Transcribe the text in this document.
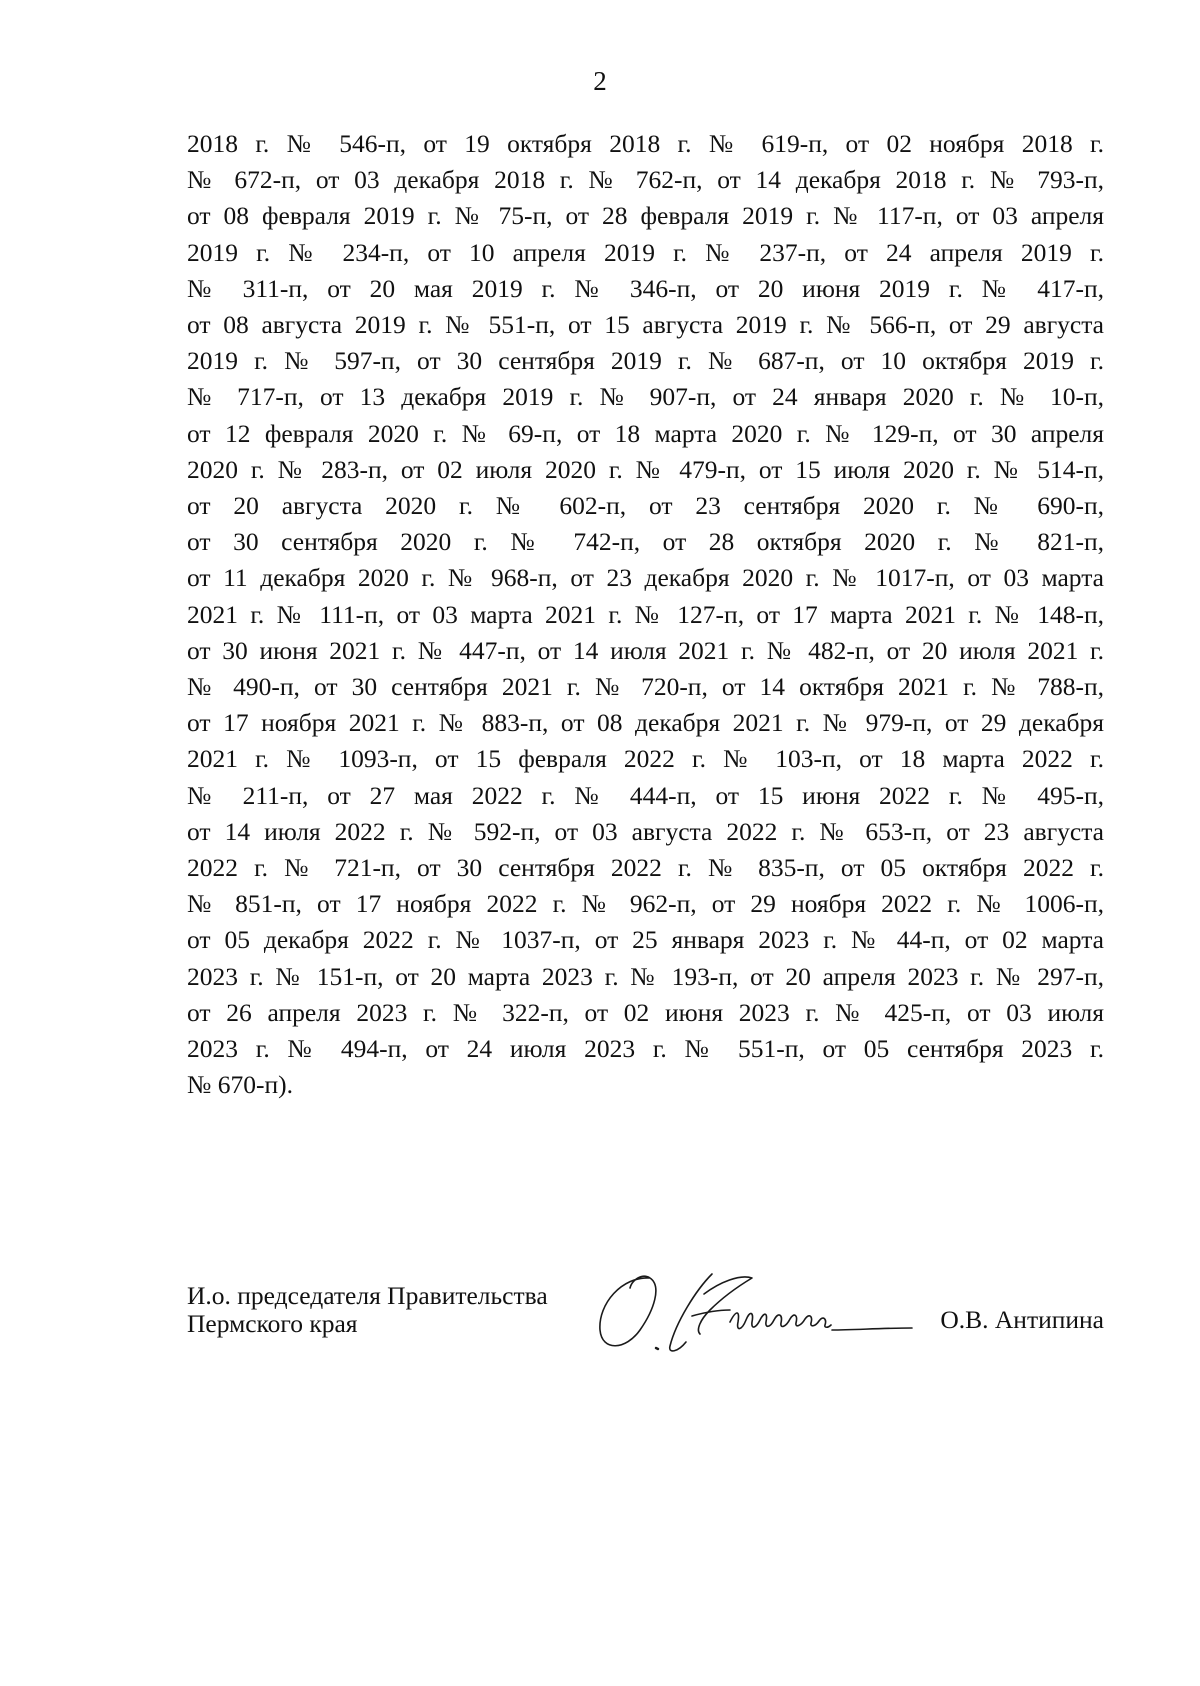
2
2018 г. № 546-п, от 19 октября 2018 г. № 619-п, от 02 ноября 2018 г.
№ 672-п, от 03 декабря 2018 г. № 762-п, от 14 декабря 2018 г. № 793-п,
от 08 февраля 2019 г. № 75-п, от 28 февраля 2019 г. № 117-п, от 03 апреля
2019 г. № 234-п, от 10 апреля 2019 г. № 237-п, от 24 апреля 2019 г.
№ 311-п, от 20 мая 2019 г. № 346-п, от 20 июня 2019 г. № 417-п,
от 08 августа 2019 г. № 551-п, от 15 августа 2019 г. № 566-п, от 29 августа
2019 г. № 597-п, от 30 сентября 2019 г. № 687-п, от 10 октября 2019 г.
№ 717-п, от 13 декабря 2019 г. № 907-п, от 24 января 2020 г. № 10-п,
от 12 февраля 2020 г. № 69-п, от 18 марта 2020 г. № 129-п, от 30 апреля
2020 г. № 283-п, от 02 июля 2020 г. № 479-п, от 15 июля 2020 г. № 514-п,
от 20 августа 2020 г. № 602-п, от 23 сентября 2020 г. № 690-п,
от 30 сентября 2020 г. № 742-п, от 28 октября 2020 г. № 821-п,
от 11 декабря 2020 г. № 968-п, от 23 декабря 2020 г. № 1017-п, от 03 марта
2021 г. № 111-п, от 03 марта 2021 г. № 127-п, от 17 марта 2021 г. № 148-п,
от 30 июня 2021 г. № 447-п, от 14 июля 2021 г. № 482-п, от 20 июля 2021 г.
№ 490-п, от 30 сентября 2021 г. № 720-п, от 14 октября 2021 г. № 788-п,
от 17 ноября 2021 г. № 883-п, от 08 декабря 2021 г. № 979-п, от 29 декабря
2021 г. № 1093-п, от 15 февраля 2022 г. № 103-п, от 18 марта 2022 г.
№ 211-п, от 27 мая 2022 г. № 444-п, от 15 июня 2022 г. № 495-п,
от 14 июля 2022 г. № 592-п, от 03 августа 2022 г. № 653-п, от 23 августа
2022 г. № 721-п, от 30 сентября 2022 г. № 835-п, от 05 октября 2022 г.
№ 851-п, от 17 ноября 2022 г. № 962-п, от 29 ноября 2022 г. № 1006-п,
от 05 декабря 2022 г. № 1037-п, от 25 января 2023 г. № 44-п, от 02 марта
2023 г. № 151-п, от 20 марта 2023 г. № 193-п, от 20 апреля 2023 г. № 297-п,
от 26 апреля 2023 г. № 322-п, от 02 июня 2023 г. № 425-п, от 03 июля
2023 г. № 494-п, от 24 июля 2023 г. № 551-п, от 05 сентября 2023 г.
№ 670-п).
И.о. председателя Правительства
Пермского края	О.В. Антипина
